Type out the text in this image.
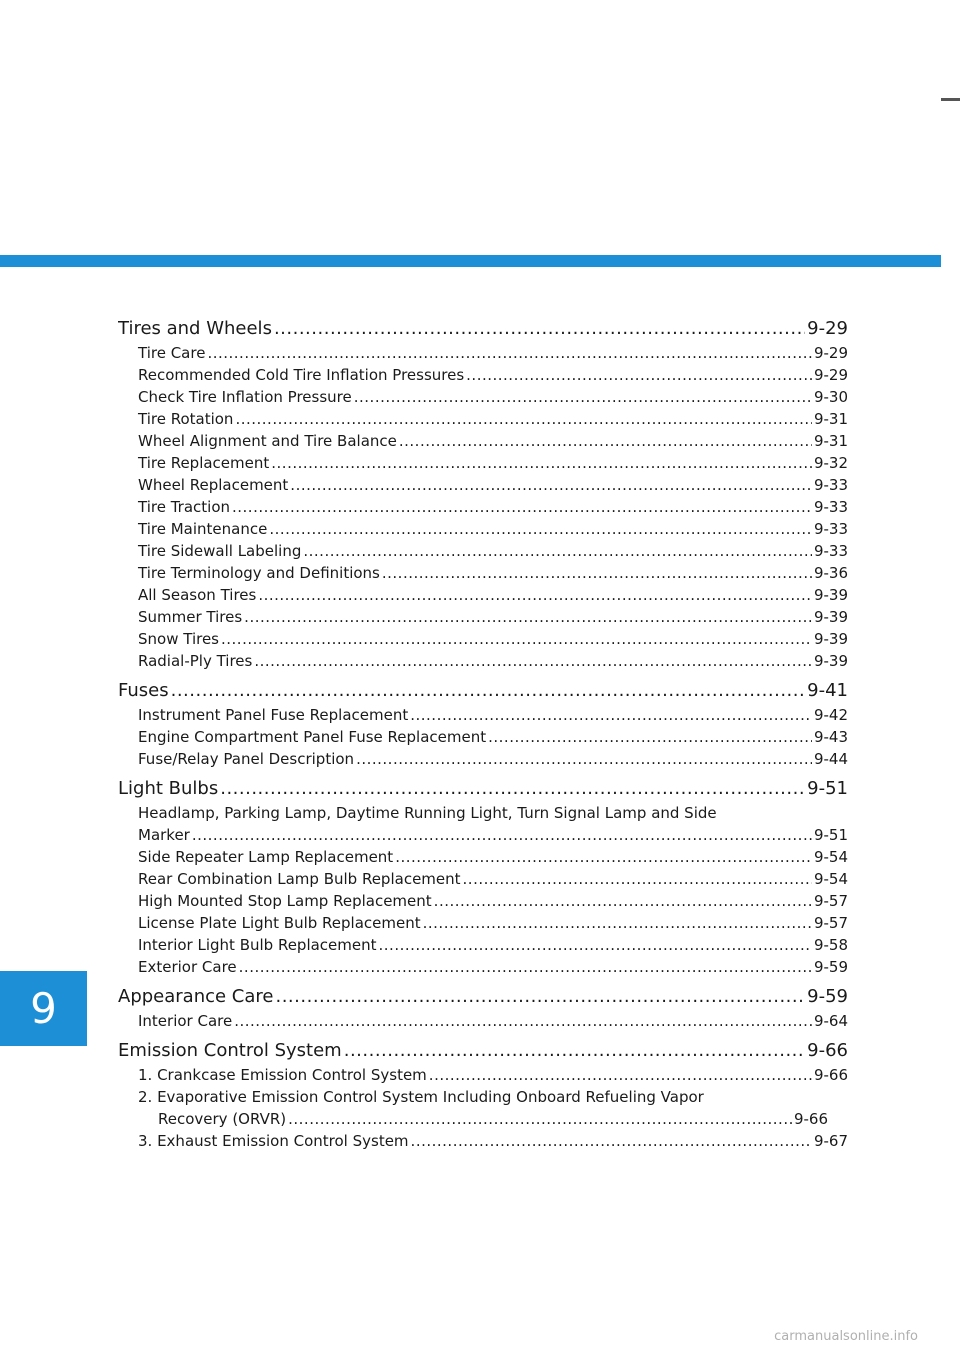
9
Tires and Wheels .....	9-29
Tire Care .....	9-29
Recommended Cold Tire Inflation Pressures .....	9-29
Check Tire Inflation Pressure .....	9-30
Tire Rotation .....	9-31
Wheel Alignment and Tire Balance .....	9-31
Tire Replacement .....	9-32
Wheel Replacement .....	9-33
Tire Traction .....	9-33
Tire Maintenance .....	9-33
Tire Sidewall Labeling .....	9-33
Tire Terminology and Definitions .....	9-36
All Season Tires .....	9-39
Summer Tires .....	9-39
Snow Tires .....	9-39
Radial-Ply Tires .....	9-39
Fuses .....	9-41
Instrument Panel Fuse Replacement .....	9-42
Engine Compartment Panel Fuse Replacement .....	9-43
Fuse/Relay Panel Description .....	9-44
Light Bulbs .....	9-51
Headlamp, Parking Lamp, Daytime Running Light, Turn Signal Lamp and Side
Marker .....	9-51
Side Repeater Lamp Replacement .....	9-54
Rear Combination Lamp Bulb Replacement .....	9-54
High Mounted Stop Lamp Replacement .....	9-57
License Plate Light Bulb Replacement .....	9-57
Interior Light Bulb Replacement .....	9-58
Exterior Care .....	9-59
Appearance Care .....	9-59
Interior Care .....	9-64
Emission Control System .....	9-66
1. Crankcase Emission Control System .....	9-66
2. Evaporative Emission Control System Including Onboard Refueling Vapor
Recovery (ORVR) .....	9-66
3. Exhaust Emission Control System .....	9-67
carmanualsonline.info
